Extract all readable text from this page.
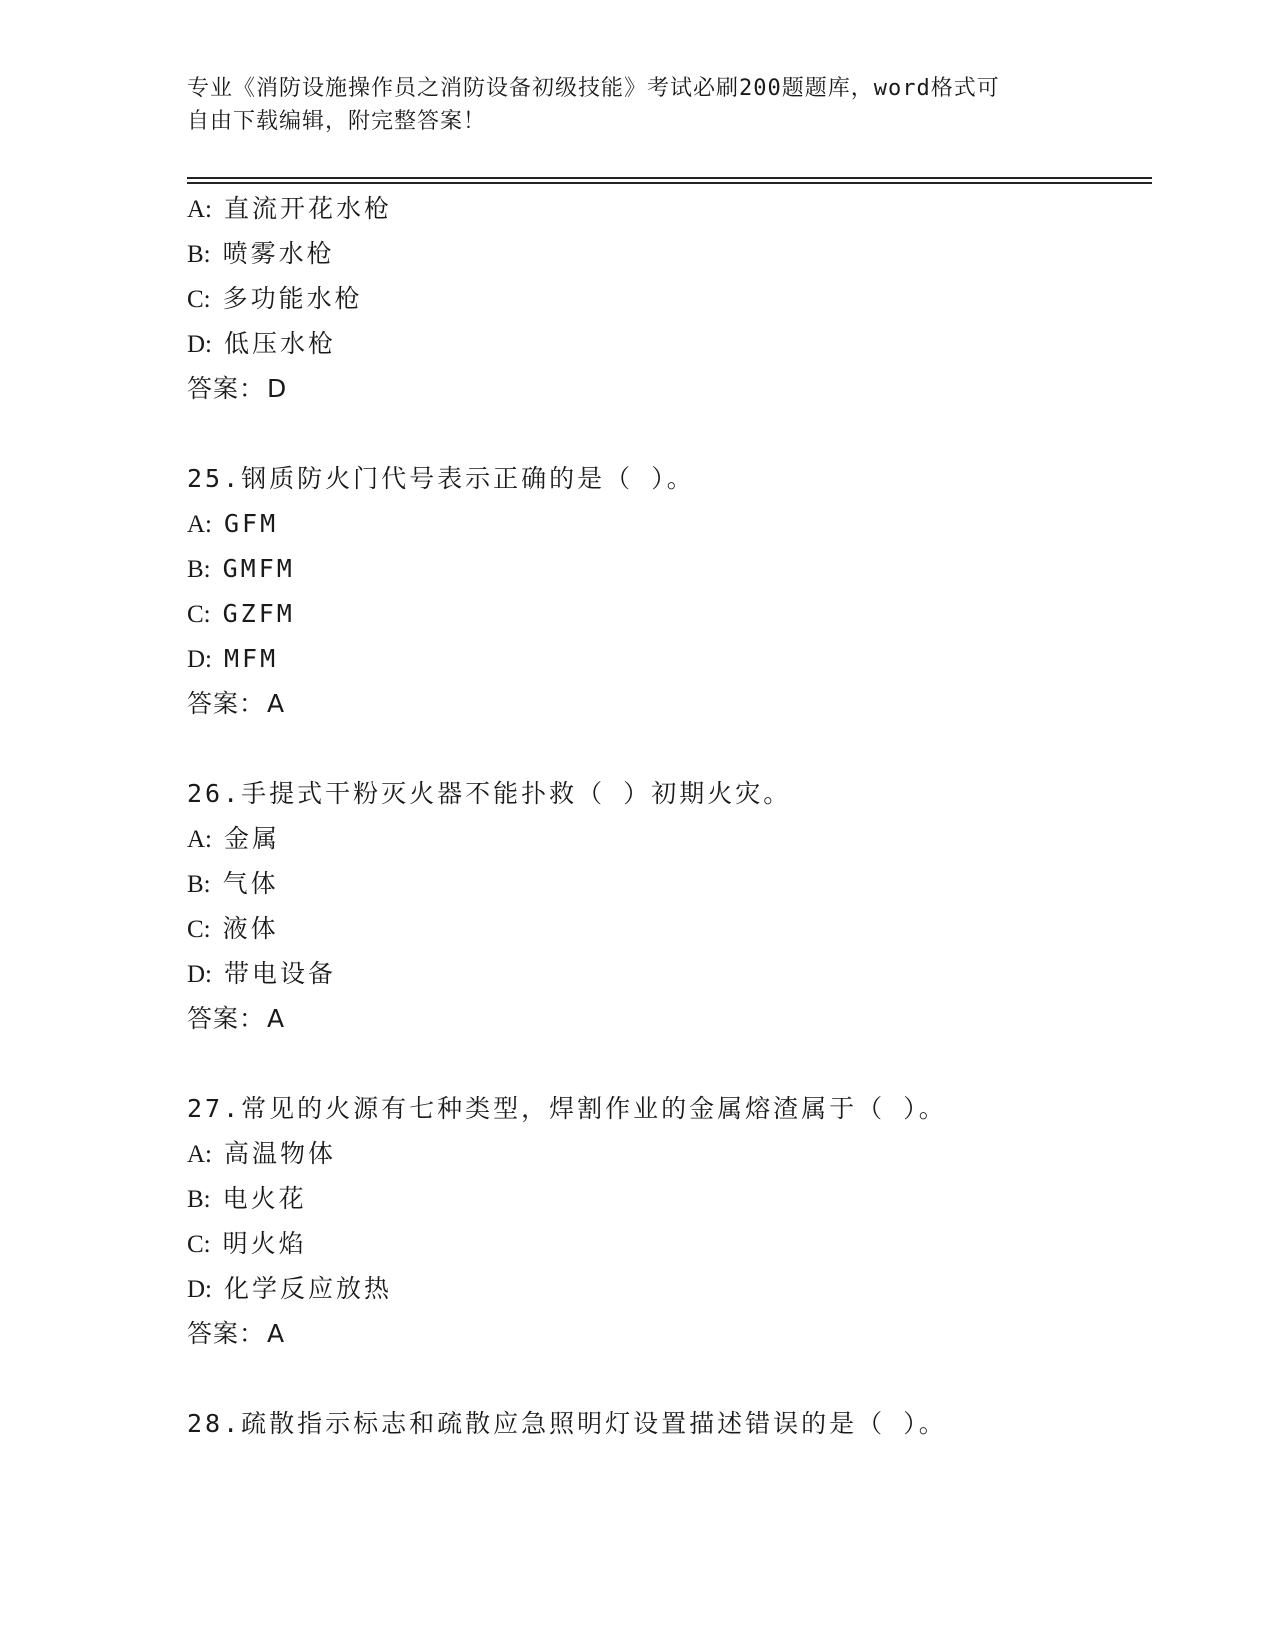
专业《消防设施操作员之消防设备初级技能》考试必刷200题题库，word格式可
自由下载编辑，附完整答案！
A: 直流开花水枪
B: 喷雾水枪
C: 多功能水枪
D: 低压水枪
答案：D
25.钢质防火门代号表示正确的是（ ）。
A: GFM
B: GMFM
C: GZFM
D: MFM
答案：A
26.手提式干粉灭火器不能扑救（ ）初期火灾。
A: 金属
B: 气体
C: 液体
D: 带电设备
答案：A
27.常见的火源有七种类型，焊割作业的金属熔渣属于（ ）。
A: 高温物体
B: 电火花
C: 明火焰
D: 化学反应放热
答案：A
28.疏散指示标志和疏散应急照明灯设置描述错误的是（ ）。
